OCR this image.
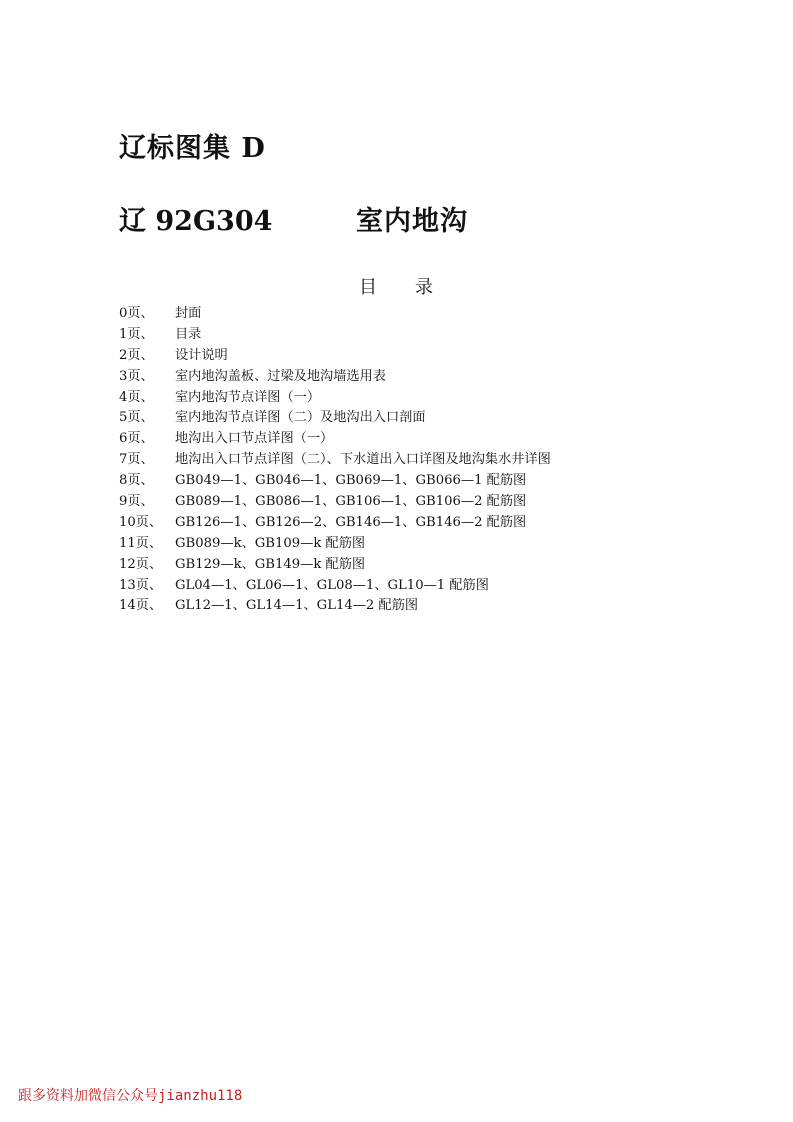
辽标图集 D
辽 92G304	室内地沟
目 录
0页、	封面
1页、	目录
2页、	设计说明
3页、	室内地沟盖板、过梁及地沟墙选用表
4页、	室内地沟节点详图（一）
5页、	室内地沟节点详图（二）及地沟出入口剖面
6页、	地沟出入口节点详图（一）
7页、	地沟出入口节点详图（二）、下水道出入口详图及地沟集水井详图
8页、	GB049—1、GB046—1、GB069—1、GB066—1 配筋图
9页、	GB089—1、GB086—1、GB106—1、GB106—2 配筋图
10页、 GB126—1、GB126—2、GB146—1、GB146—2 配筋图
11页、 GB089—k、GB109—k 配筋图
12页、 GB129—k、GB149—k 配筋图
13页、 GL04—1、GL06—1、GL08—1、GL10—1 配筋图
14页、 GL12—1、GL14—1、GL14—2 配筋图
跟多资料加微信公众号jianzhu118
